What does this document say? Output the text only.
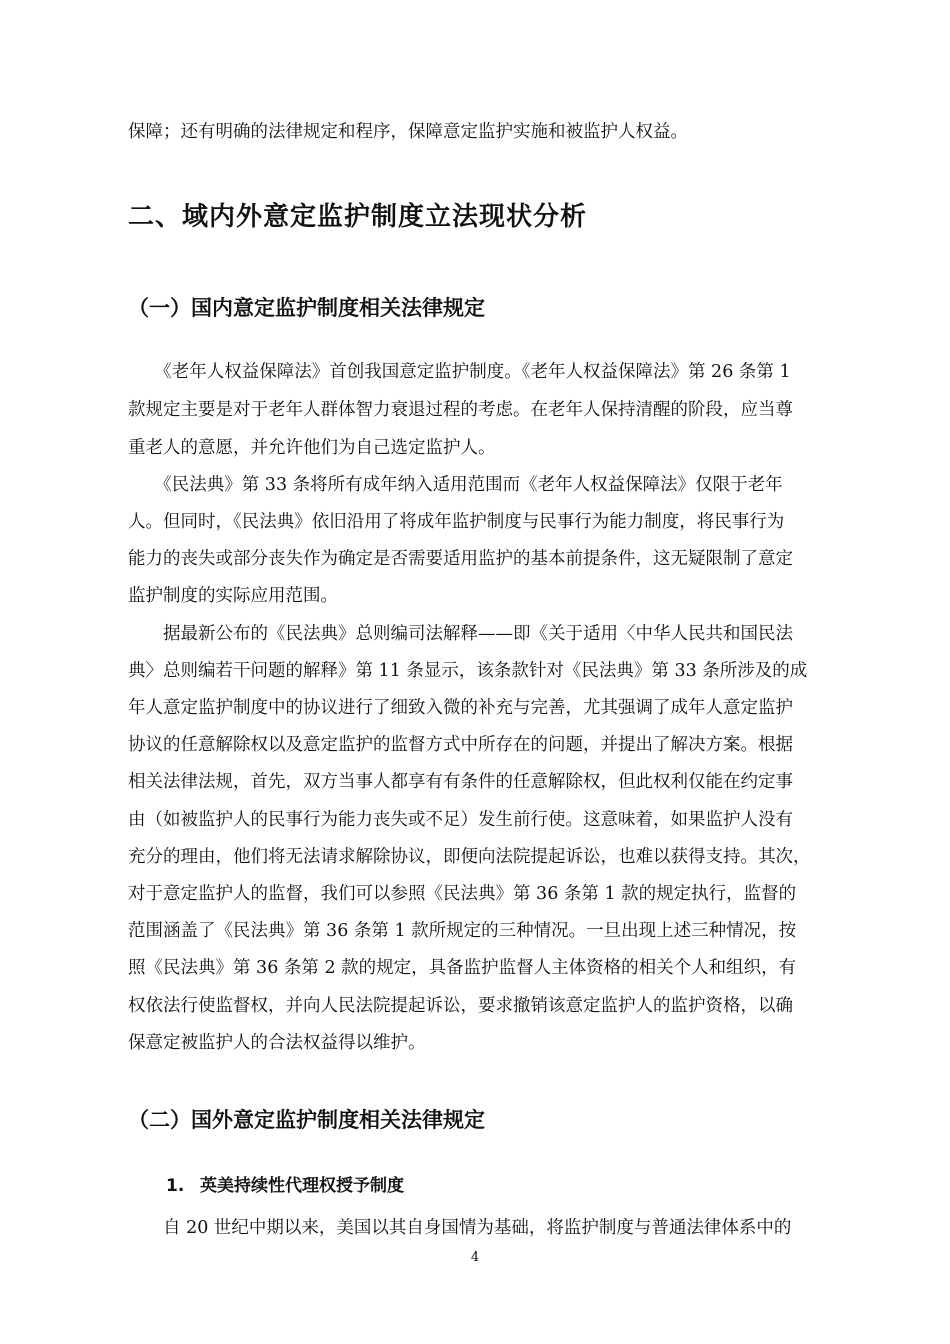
保障；还有明确的法律规定和程序，保障意定监护实施和被监护人权益。

二、域内外意定监护制度立法现状分析
（一）国内意定监护制度相关法律规定

　　《老年人权益保障法》首创我国意定监护制度。《老年人权益保障法》第 26 条第 1

款规定主要是对于老年人群体智力衰退过程的考虑。在老年人保持清醒的阶段，应当尊

重老人的意愿，并允许他们为自己选定监护人。

　　《民法典》第 33 条将所有成年纳入适用范围而《老年人权益保障法》仅限于老年

人。但同时，《民法典》依旧沿用了将成年监护制度与民事行为能力制度，将民事行为

能力的丧失或部分丧失作为确定是否需要适用监护的基本前提条件，这无疑限制了意定

监护制度的实际应用范围。

　　据最新公布的《民法典》总则编司法解释——即《关于适用〈中华人民共和国民法

典〉总则编若干问题的解释》第 11 条显示，该条款针对《民法典》第 33 条所涉及的成

年人意定监护制度中的协议进行了细致入微的补充与完善，尤其强调了成年人意定监护

协议的任意解除权以及意定监护的监督方式中所存在的问题，并提出了解决方案。根据

相关法律法规，首先，双方当事人都享有有条件的任意解除权，但此权利仅能在约定事

由（如被监护人的民事行为能力丧失或不足）发生前行使。这意味着，如果监护人没有

充分的理由，他们将无法请求解除协议，即便向法院提起诉讼，也难以获得支持。其次，

对于意定监护人的监督，我们可以参照《民法典》第 36 条第 1 款的规定执行，监督的

范围涵盖了《民法典》第 36 条第 1 款所规定的三种情况。一旦出现上述三种情况，按

照《民法典》第 36 条第 2 款的规定，具备监护监督人主体资格的相关个人和组织，有

权依法行使监督权，并向人民法院提起诉讼，要求撤销该意定监护人的监护资格，以确

保意定被监护人的合法权益得以维护。

（二）国外意定监护制度相关法律规定
1. 英美持续性代理权授予制度

　　自 20 世纪中期以来，美国以其自身国情为基础，将监护制度与普通法律体系中的

4
